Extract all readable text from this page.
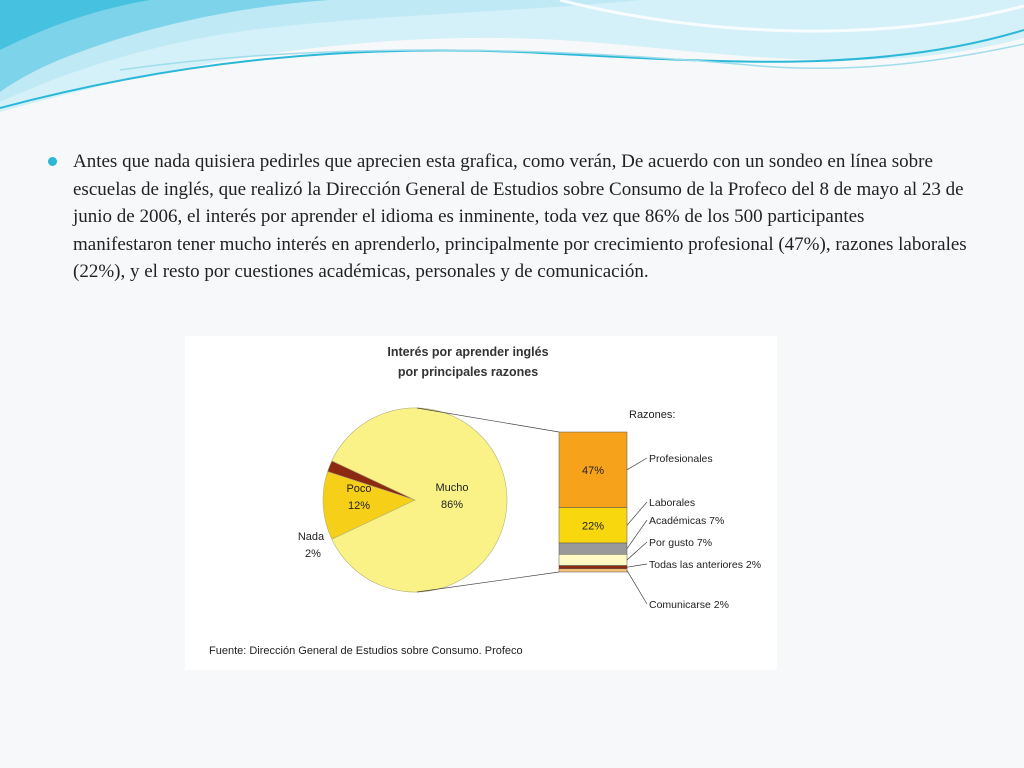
Antes que nada quisiera pedirles que aprecien esta grafica, como verán, De acuerdo con un sondeo en línea sobre escuelas de inglés, que realizó la Dirección General de Estudios sobre Consumo de la Profeco del 8 de mayo al 23 de junio de 2006, el interés por aprender el idioma es inminente, toda vez que 86% de los 500 participantes manifestaron tener mucho interés en aprenderlo, principalmente por crecimiento profesional (47%), razones laborales (22%), y el resto por cuestiones académicas, personales y de comunicación.

Interés por aprender inglés
por principales razones
Razones:
Fuente: Dirección General de Estudios sobre Consumo. Profeco
Mucho
86%
Poco
12%
Nada
2%
47%
Profesionales
22%
Laborales
Académicas 7%
Por gusto 7%
Todas las anteriores 2%
Comunicarse 2%
